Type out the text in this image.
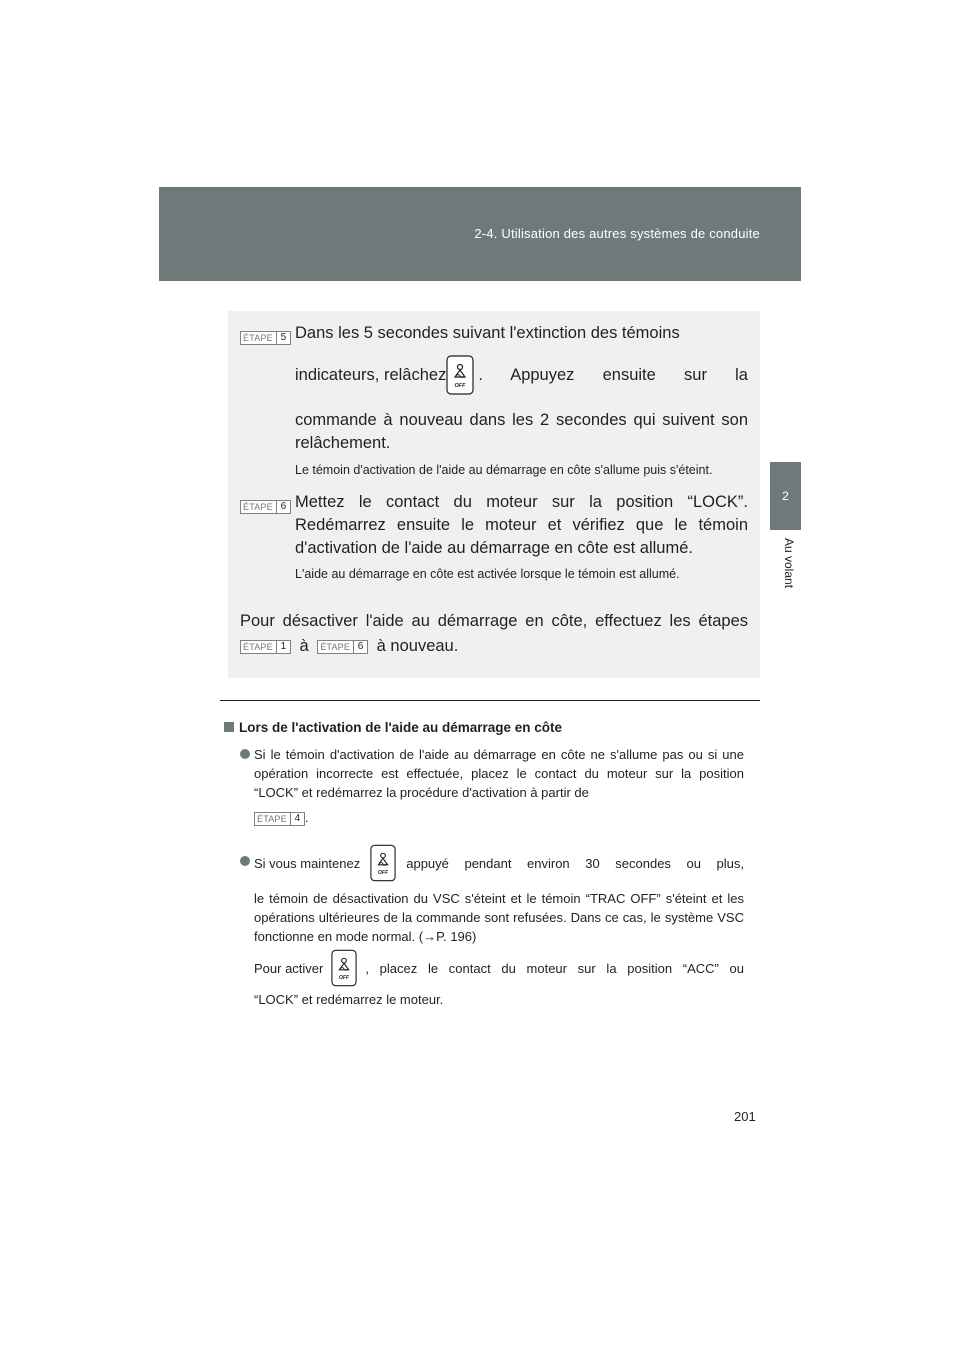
2-4. Utilisation des autres systèmes de conduite
2
Au volant
ÉTAPE 5 Dans les 5 secondes suivant l'extinction des témoins
indicateurs, relâchez
OFF
. Appuyez ensuite sur la
commande à nouveau dans les 2 secondes qui suivent son relâchement.
Le témoin d'activation de l'aide au démarrage en côte s'allume puis s'éteint.
ÉTAPE 6 Mettez le contact du moteur sur la position “LOCK”. Redémarrez ensuite le moteur et vérifiez que le témoin d'activation de l'aide au démarrage en côte est allumé.
L'aide au démarrage en côte est activée lorsque le témoin est allumé.
Pour désactiver l'aide au démarrage en côte, effectuez les étapes
ÉTAPE 1 à ÉTAPE 6 à nouveau.
Lors de l'activation de l'aide au démarrage en côte
Si le témoin d'activation de l'aide au démarrage en côte ne s'allume pas ou si une opération incorrecte est effectuée, placez le contact du moteur sur la position “LOCK” et redémarrez la procédure d'activation à partir de
ÉTAPE 4 .
Si vous maintenez
OFF
appuyé pendant environ 30 secondes ou plus,
le témoin de désactivation du VSC s'éteint et le témoin “TRAC OFF” s'éteint et les opérations ultérieures de la commande sont refusées. Dans ce cas, le système VSC fonctionne en mode normal. (→P. 196)
Pour activer
OFF
, placez le contact du moteur sur la position “ACC” ou
“LOCK” et redémarrez le moteur.
201
